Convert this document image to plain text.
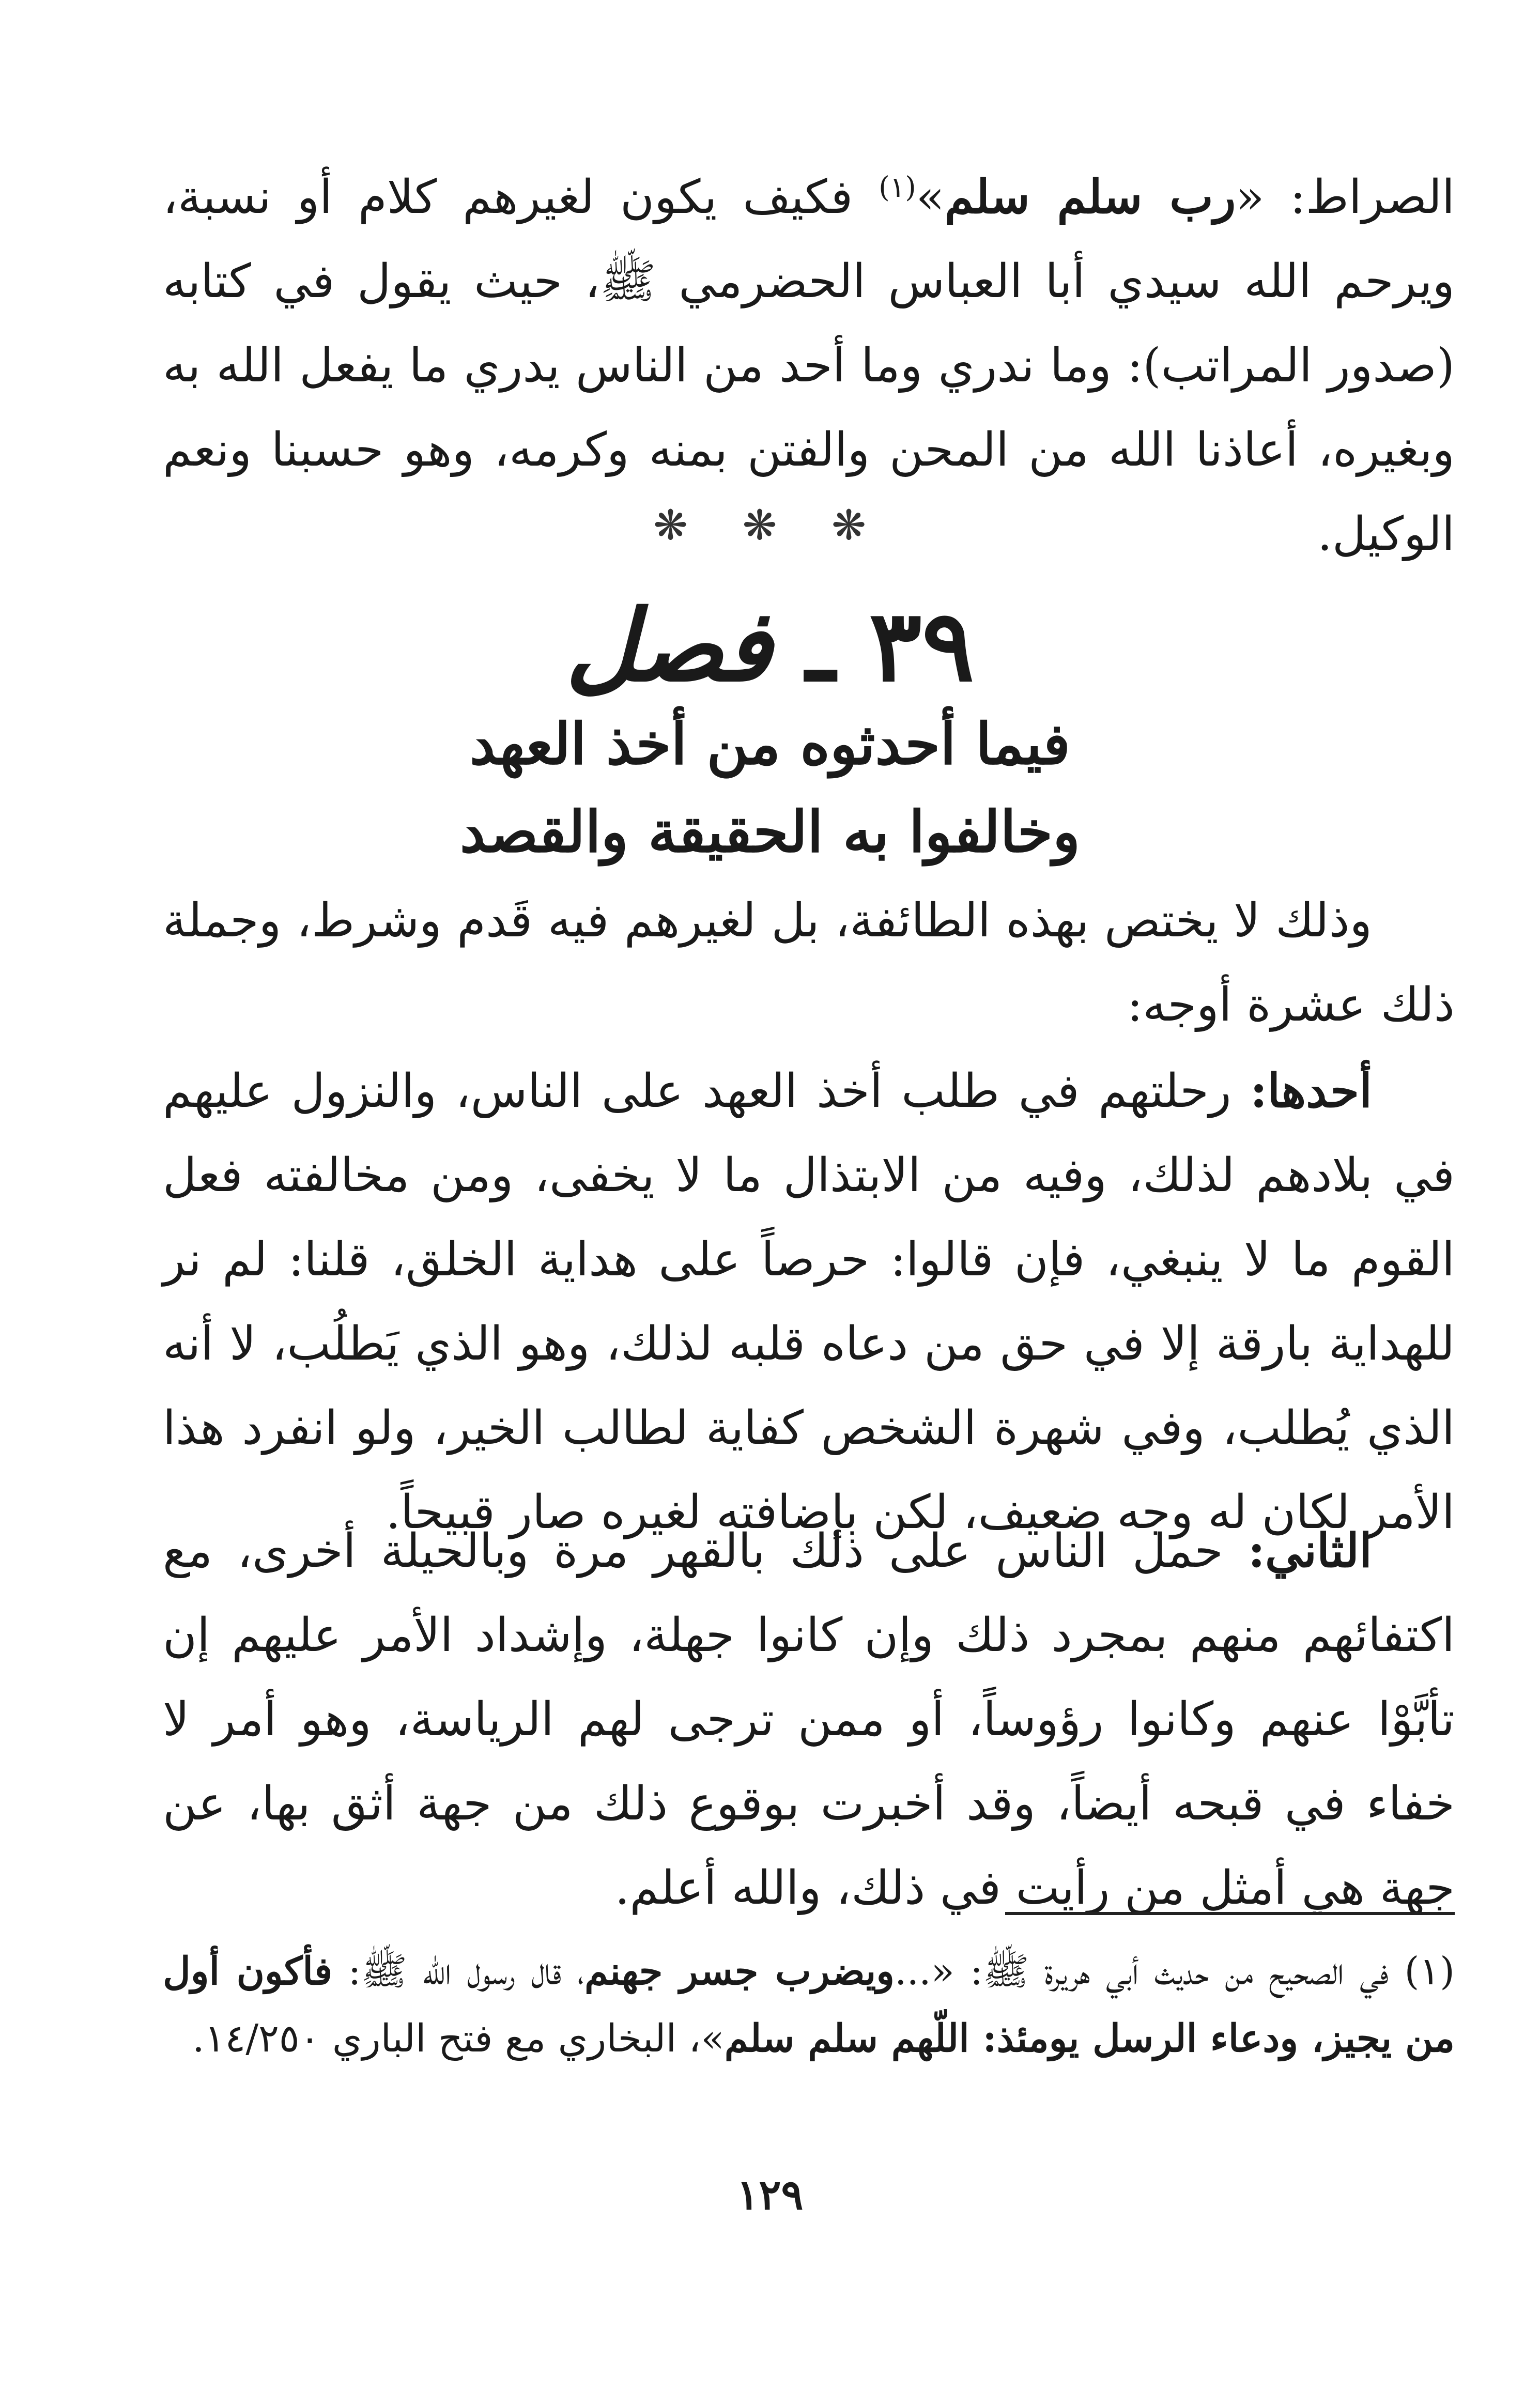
الصراط: «رب سلم سلم»$^{(١)}$ فكيف يكون لغيرهم كلام أو نسبة، ويرحم الله سيدي أبا العباس الحضرمي ﷺ، حيث يقول في كتابه (صدور المراتب): وما ندري وما أحد من الناس يدري ما يفعل الله به وبغيره، أعاذنا الله من المحن والفتن بمنه وكرمه، وهو حسبنا ونعم الوكيل.
❋ ❋ ❋
٣٩ ـ فصل
فيما أحدثوه من أخذ العهد
وخالفوا به الحقيقة والقصد
وذلك لا يختص بهذه الطائفة، بل لغيرهم فيه قَدم وشرط، وجملة ذلك عشرة أوجه:
أحدها: رحلتهم في طلب أخذ العهد على الناس، والنزول عليهم في بلادهم لذلك، وفيه من الابتذال ما لا يخفى، ومن مخالفته فعل القوم ما لا ينبغي، فإن قالوا: حرصاً على هداية الخلق، قلنا: لم نر للهداية بارقة إلا في حق من دعاه قلبه لذلك، وهو الذي يَطلُب، لا أنه الذي يُطلب، وفي شهرة الشخص كفاية لطالب الخير، ولو انفرد هذا الأمر لكان له وجه ضعيف، لكن بإضافته لغيره صار قبيحاً.
الثاني: حمل الناس على ذلك بالقهر مرة وبالحيلة أخرى، مع اكتفائهم منهم بمجرد ذلك وإن كانوا جهلة، وإشداد الأمر عليهم إن تأبَّوْا عنهم وكانوا رؤوساً، أو ممن ترجى لهم الرياسة، وهو أمر لا خفاء في قبحه أيضاً، وقد أخبرت بوقوع ذلك من جهة أثق بها، عن جهة هي أمثل من رأيت في ذلك، والله أعلم.
(١) في الصحيح من حديث أبي هريرة ﷺ: «...ويضرب جسر جهنم، قال رسول الله ﷺ: فأكون أول من يجيز، ودعاء الرسل يومئذ: اللّهم سلم سلم»، البخاري مع فتح الباري ١٤/٢٥٠.
١٢٩
